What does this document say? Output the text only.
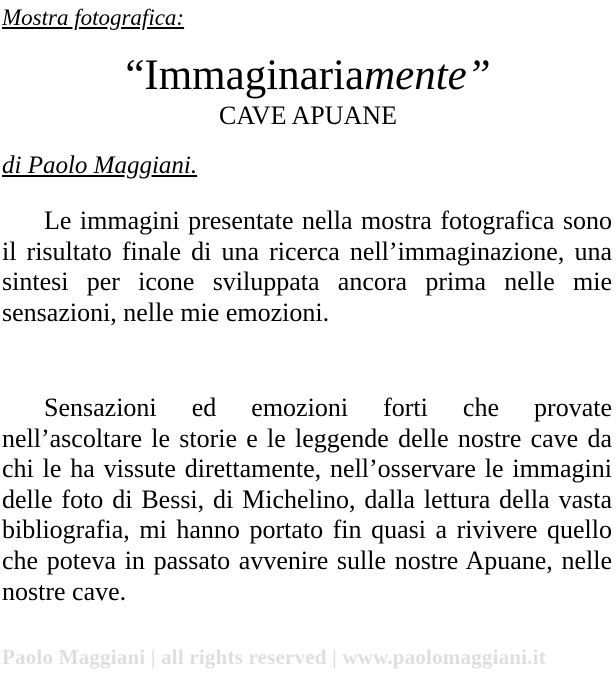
Mostra fotografica:
“Immaginariamente”
CAVE APUANE
di Paolo Maggiani.

Le immagini presentate nella mostra fotografica sono il risultato finale di una ricerca nell’immaginazione, una sintesi per icone sviluppata ancora prima nelle mie sensazioni, nelle mie emozioni.

Sensazioni ed emozioni forti che provate nell’ascoltare le storie e le leggende delle nostre cave da chi le ha vissute direttamente, nell’osservare le immagini delle foto di Bessi, di Michelino, dalla lettura della vasta bibliografia, mi hanno portato fin quasi a rivivere quello che poteva in passato avvenire sulle nostre Apuane, nelle nostre cave.

Paolo Maggiani | all rights reserved | www.paolomaggiani.it
